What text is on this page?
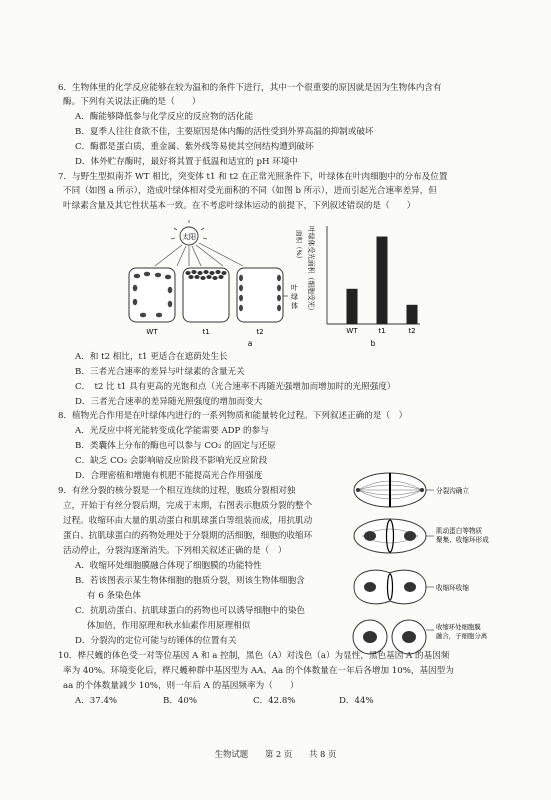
6．生物体里的化学反应能够在较为温和的条件下进行，其中一个很重要的原因就是因为生物体内含有
酶。下列有关说法正确的是（　　）
A．酶能够降低参与化学反应的反应物的活化能
B．夏季人往往食欲不佳，主要原因是体内酶的活性受到外界高温的抑制或破坏
C．酶都是蛋白质，重金属、紫外线等易使其空间结构遭到破坏
D．体外贮存酶时，最好将其置于低温和适宜的 pH 环境中
7．与野生型拟南芥 WT 相比，突变体 t1 和 t2 在正常光照条件下，叶绿体在叶肉细胞中的分布及位置
不同（如图 a 所示），造成叶绿体相对受光面积的不同（如图 b 所示），进而引起光合速率差异，但
叶绿素含量及其它性状基本一致。在不考虑叶绿体运动的前提下，下列叙述错误的是（　　）
太阳
叶
绿
体
WT	t1	t2
a
面积（%） 叶绿体受光面积（细胞受光）
WT	t1	t2
b
A．和 t2 相比，t1 更适合在遮荫处生长
B．三者光合速率的差异与叶绿素的含量无关
C．　t2 比 t1 具有更高的光饱和点（光合速率不再随光强增加而增加时的光照强度）
D．三者光合速率的差异随光照强度的增加而变大
8．植物光合作用是在叶绿体内进行的一系列物质和能量转化过程。下列叙述正确的是（　）
A．光反应中将光能转变成化学能需要 ADP 的参与
B．类囊体上分布的酶也可以参与 CO₂ 的固定与还原
C．缺乏 CO₂ 会影响暗反应阶段不影响光反应阶段
D．合理密植和增施有机肥不能提高光合作用强度
9．有丝分裂的核分裂是一个相互连续的过程，胞质分裂相对独
立，开始于有丝分裂后期，完成于末期，右图表示胞质分裂的整个
过程。收缩环由大量的肌动蛋白和肌球蛋白等组装而成，用抗肌动
蛋白、抗肌球蛋白的药物处理处于分裂期的活细胞，细胞的收缩环
活动停止，分裂沟逐渐消失。下列相关叙述正确的是（　）
A．收缩环处细胞膜融合体现了细胞膜的功能特性
B．若该图表示某生物体细胞的胞质分裂，则该生物体细胞含
有 6 条染色体
C．抗肌动蛋白、抗肌球蛋白的药物也可以诱导细胞中的染色
体加倍，作用原理和秋水仙素作用原理相似
D．分裂沟的定位可能与纺锤体的位置有关
分裂沟确立
肌动蛋白等物质
聚集、收缩环形成
收缩环收缩
收缩环处细胞膜
融合，子细胞分离
10．桦尺蠖的体色受一对等位基因 A 和 a 控制，黑色（A）对浅色（a）为显性，黑色基因 A 的基因频
率为 40%。环境变化后，桦尺蠖种群中基因型为 AA、Aa 的个体数量在一年后各增加 10%，基因型为
aa 的个体数量减少 10%，则一年后 A 的基因频率为（　　）
A．37.4%	B．40%	C．42.8%	D．44%
生物试题　　第 2 页　　共 8 页
